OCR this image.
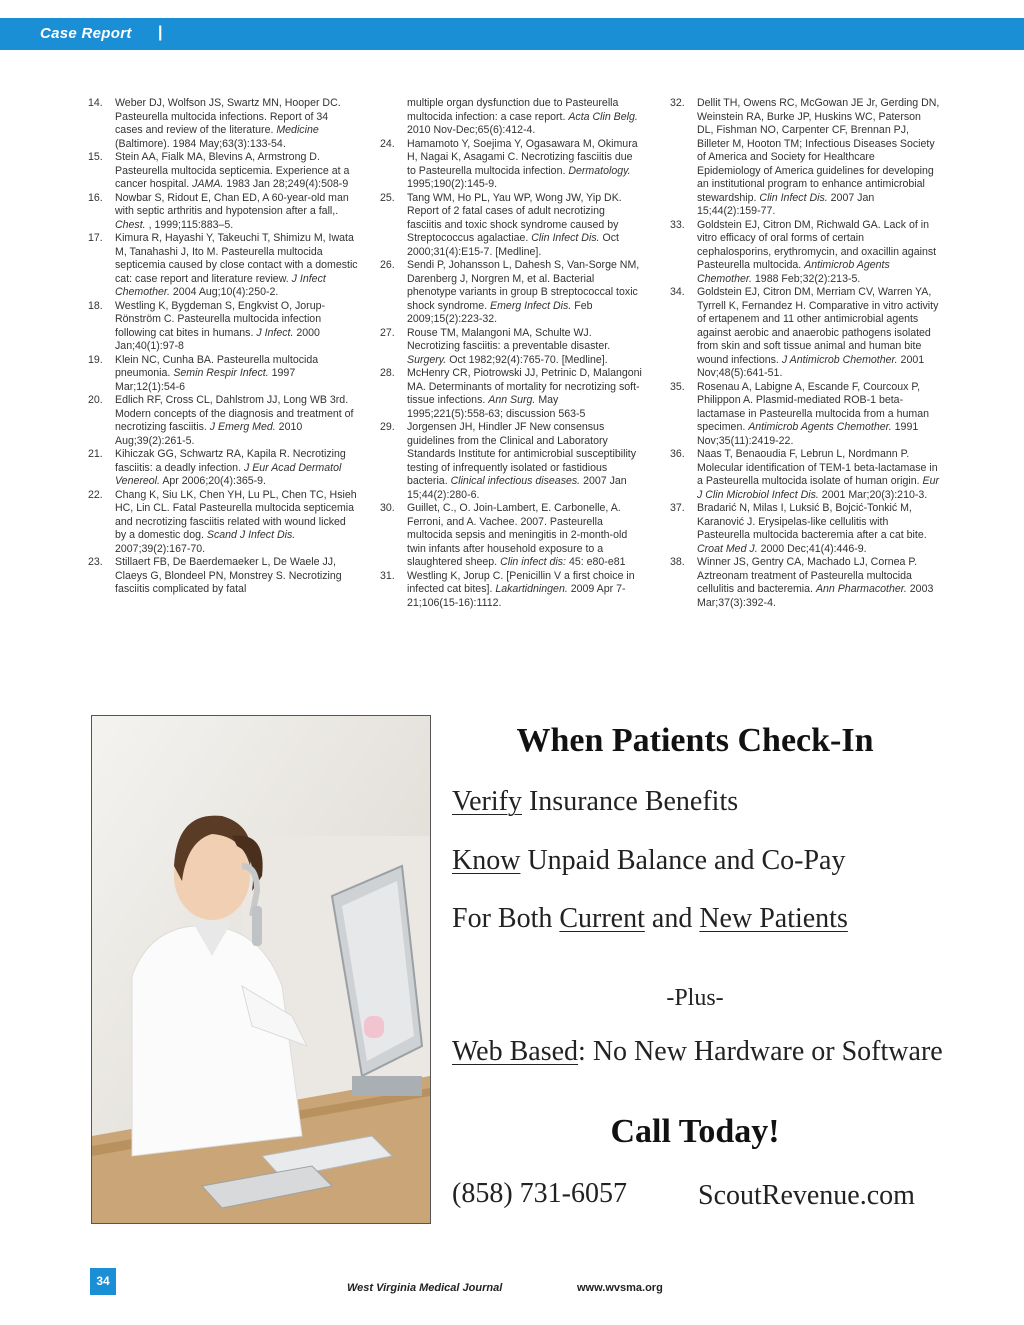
Case Report |
14.	Weber DJ, Wolfson JS, Swartz MN, Hooper DC. Pasteurella multocida infections. Report of 34 cases and review of the literature. Medicine (Baltimore). 1984 May;63(3):133-54.
15.	Stein AA, Fialk MA, Blevins A, Armstrong D. Pasteurella multocida septicemia. Experience at a cancer hospital. JAMA. 1983 Jan 28;249(4):508-9
16.	Nowbar S, Ridout E, Chan ED, A 60-year-old man with septic arthritis and hypotension after a fall,. Chest. , 1999;115:883–5.
17.	Kimura R, Hayashi Y, Takeuchi T, Shimizu M, Iwata M, Tanahashi J, Ito M. Pasteurella multocida septicemia caused by close contact with a domestic cat: case report and literature review. J Infect Chemother. 2004 Aug;10(4):250-2.
18.	Westling K, Bygdeman S, Engkvist O, Jorup-Rönström C. Pasteurella multocida infection following cat bites in humans. J Infect. 2000 Jan;40(1):97-8
19.	Klein NC, Cunha BA. Pasteurella multocida pneumonia. Semin Respir Infect. 1997 Mar;12(1):54-6
20.	Edlich RF, Cross CL, Dahlstrom JJ, Long WB 3rd. Modern concepts of the diagnosis and treatment of necrotizing fasciitis. J Emerg Med. 2010 Aug;39(2):261-5.
21.	Kihiczak GG, Schwartz RA, Kapila R. Necrotizing fasciitis: a deadly infection. J Eur Acad Dermatol Venereol. Apr 2006;20(4):365-9.
22.	Chang K, Siu LK, Chen YH, Lu PL, Chen TC, Hsieh HC, Lin CL. Fatal Pasteurella multocida septicemia and necrotizing fasciitis related with wound licked by a domestic dog. Scand J Infect Dis. 2007;39(2):167-70.
23.	Stillaert FB, De Baerdemaeker L, De Waele JJ, Claeys G, Blondeel PN, Monstrey S. Necrotizing fasciitis complicated by fatal
multiple organ dysfunction due to Pasteurella multocida infection: a case report. Acta Clin Belg. 2010 Nov-Dec;65(6):412-4.
24.	Hamamoto Y, Soejima Y, Ogasawara M, Okimura H, Nagai K, Asagami C. Necrotizing fasciitis due to Pasteurella multocida infection. Dermatology. 1995;190(2):145-9.
25.	Tang WM, Ho PL, Yau WP, Wong JW, Yip DK. Report of 2 fatal cases of adult necrotizing fasciitis and toxic shock syndrome caused by Streptococcus agalactiae. Clin Infect Dis. Oct 2000;31(4):E15-7. [Medline].
26.	Sendi P, Johansson L, Dahesh S, Van-Sorge NM, Darenberg J, Norgren M, et al. Bacterial phenotype variants in group B streptococcal toxic shock syndrome. Emerg Infect Dis. Feb 2009;15(2):223-32.
27.	Rouse TM, Malangoni MA, Schulte WJ. Necrotizing fasciitis: a preventable disaster. Surgery. Oct 1982;92(4):765-70. [Medline].
28.	McHenry CR, Piotrowski JJ, Petrinic D, Malangoni MA. Determinants of mortality for necrotizing soft-tissue infections. Ann Surg. May 1995;221(5):558-63; discussion 563-5
29.	Jorgensen JH, Hindler JF New consensus guidelines from the Clinical and Laboratory Standards Institute for antimicrobial susceptibility testing of infrequently isolated or fastidious bacteria. Clinical infectious diseases. 2007 Jan 15;44(2):280-6.
30.	Guillet, C., O. Join-Lambert, E. Carbonelle, A. Ferroni, and A. Vachee. 2007. Pasteurella multocida sepsis and meningitis in 2-month-old twin infants after household exposure to a slaughtered sheep. Clin infect dis: 45: e80-e81
31.	Westling K, Jorup C. [Penicillin V a first choice in infected cat bites]. Lakartidningen. 2009 Apr 7-21;106(15-16):1112.
32.	Dellit TH, Owens RC, McGowan JE Jr, Gerding DN, Weinstein RA, Burke JP, Huskins WC, Paterson DL, Fishman NO, Carpenter CF, Brennan PJ, Billeter M, Hooton TM; Infectious Diseases Society of America and Society for Healthcare Epidemiology of America guidelines for developing an institutional program to enhance antimicrobial stewardship. Clin Infect Dis. 2007 Jan 15;44(2):159-77.
33.	Goldstein EJ, Citron DM, Richwald GA. Lack of in vitro efficacy of oral forms of certain cephalosporins, erythromycin, and oxacillin against Pasteurella multocida. Antimicrob Agents Chemother. 1988 Feb;32(2):213-5.
34.	Goldstein EJ, Citron DM, Merriam CV, Warren YA, Tyrrell K, Fernandez H. Comparative in vitro activity of ertapenem and 11 other antimicrobial agents against aerobic and anaerobic pathogens isolated from skin and soft tissue animal and human bite wound infections. J Antimicrob Chemother. 2001 Nov;48(5):641-51.
35.	Rosenau A, Labigne A, Escande F, Courcoux P, Philippon A. Plasmid-mediated ROB-1 beta-lactamase in Pasteurella multocida from a human specimen. Antimicrob Agents Chemother. 1991 Nov;35(11):2419-22.
36.	Naas T, Benaoudia F, Lebrun L, Nordmann P. Molecular identification of TEM-1 beta-lactamase in a Pasteurella multocida isolate of human origin. Eur J Clin Microbiol Infect Dis. 2001 Mar;20(3):210-3.
37.	Bradarić N, Milas I, Luksić B, Bojcić-Tonkić M, Karanović J. Erysipelas-like cellulitis with Pasteurella multocida bacteremia after a cat bite. Croat Med J. 2000 Dec;41(4):446-9.
38.	Winner JS, Gentry CA, Machado LJ, Cornea P. Aztreonam treatment of Pasteurella multocida cellulitis and bacteremia. Ann Pharmacother. 2003 Mar;37(3):392-4.
When Patients Check-In
Verify Insurance Benefits
Know Unpaid Balance and Co-Pay
For Both Current and New Patients
-Plus-
Web Based: No New Hardware or Software
Call Today!
(858) 731-6057	ScoutRevenue.com
34	West Virginia Medical Journal	www.wvsma.org
